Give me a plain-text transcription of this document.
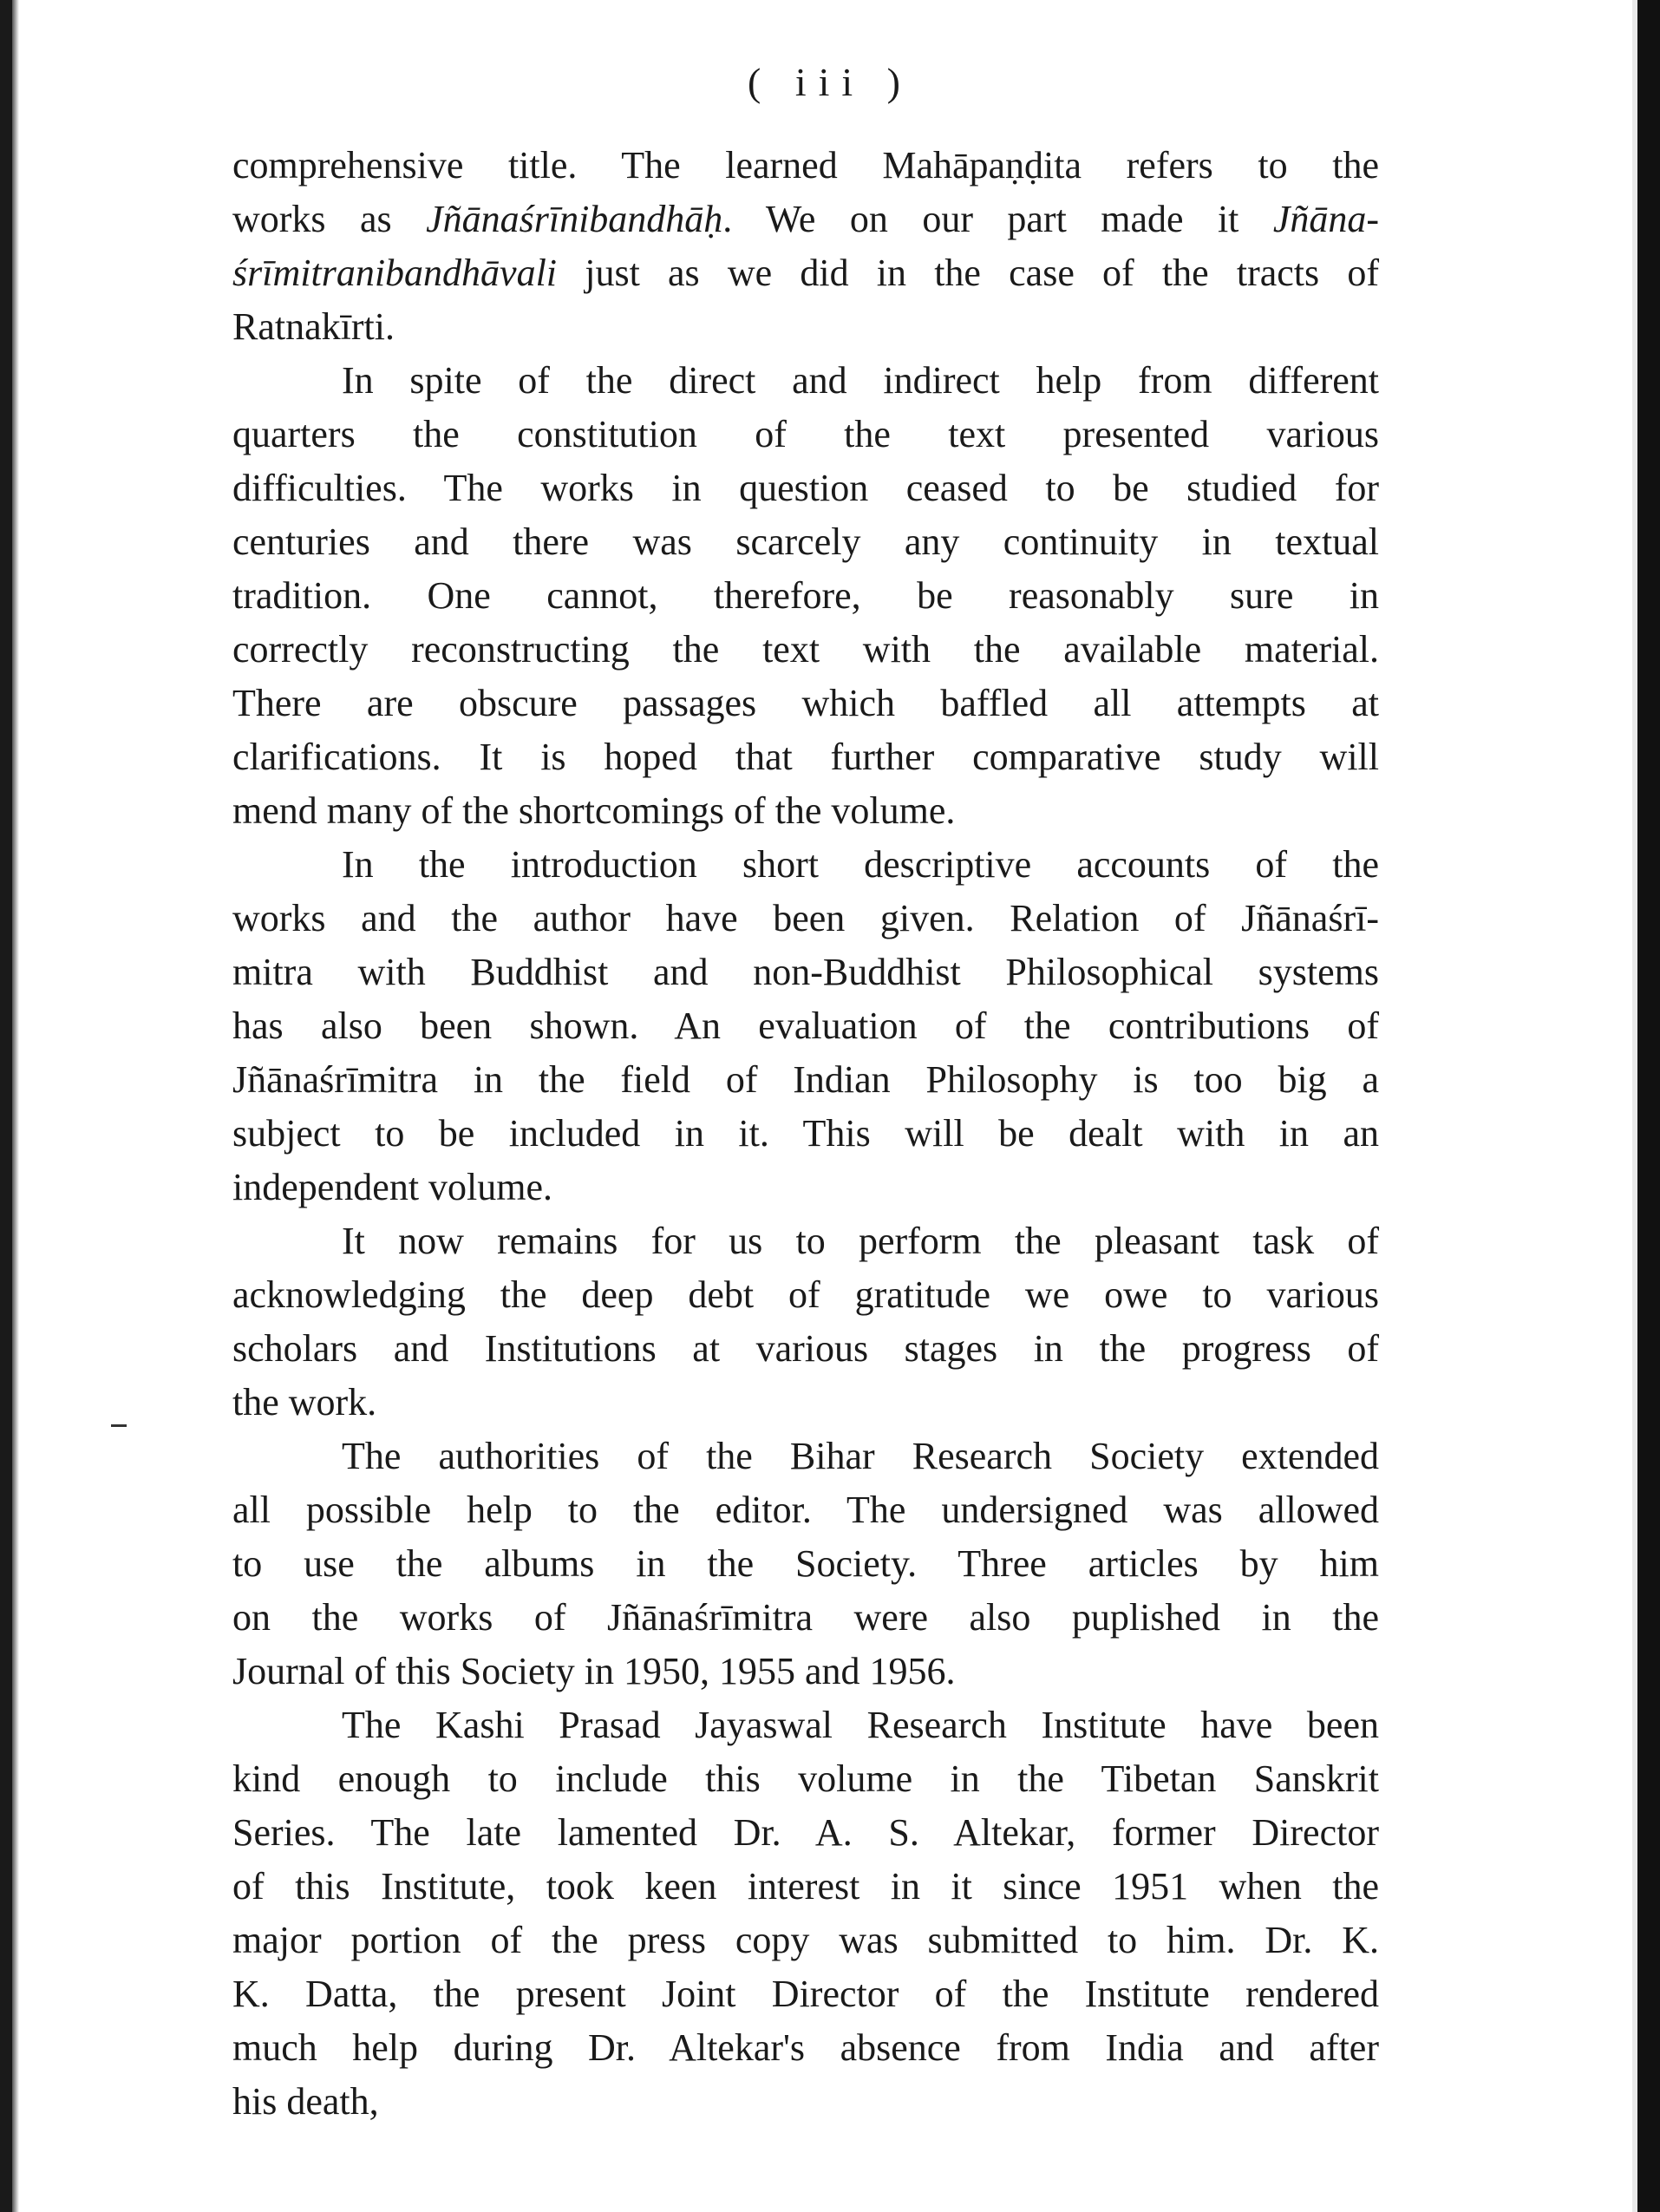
( iii )
comprehensive title. The learned Mahāpaṇḍita refers to the
works as Jñānaśrīnibandhāḥ. We on our part made it Jñāna-
śrīmitranibandhāvali just as we did in the case of the tracts of
Ratnakīrti.
In spite of the direct and indirect help from different
quarters the constitution of the text presented various
difficulties. The works in question ceased to be studied for
centuries and there was scarcely any continuity in textual
tradition. One cannot, therefore, be reasonably sure in
correctly reconstructing the text with the available material.
There are obscure passages which baffled all attempts at
clarifications. It is hoped that further comparative study will
mend many of the shortcomings of the volume.
In the introduction short descriptive accounts of the
works and the author have been given. Relation of Jñānaśrī-
mitra with Buddhist and non-Buddhist Philosophical systems
has also been shown. An evaluation of the contributions of
Jñānaśrīmitra in the field of Indian Philosophy is too big a
subject to be included in it. This will be dealt with in an
independent volume.
It now remains for us to perform the pleasant task of
acknowledging the deep debt of gratitude we owe to various
scholars and Institutions at various stages in the progress of
the work.
The authorities of the Bihar Research Society extended
all possible help to the editor. The undersigned was allowed
to use the albums in the Society. Three articles by him
on the works of Jñānaśrīmitra were also puplished in the
Journal of this Society in 1950, 1955 and 1956.
The Kashi Prasad Jayaswal Research Institute have been
kind enough to include this volume in the Tibetan Sanskrit
Series. The late lamented Dr. A. S. Altekar, former Director
of this Institute, took keen interest in it since 1951 when the
major portion of the press copy was submitted to him. Dr. K.
K. Datta, the present Joint Director of the Institute rendered
much help during Dr. Altekar's absence from India and after
his death,
